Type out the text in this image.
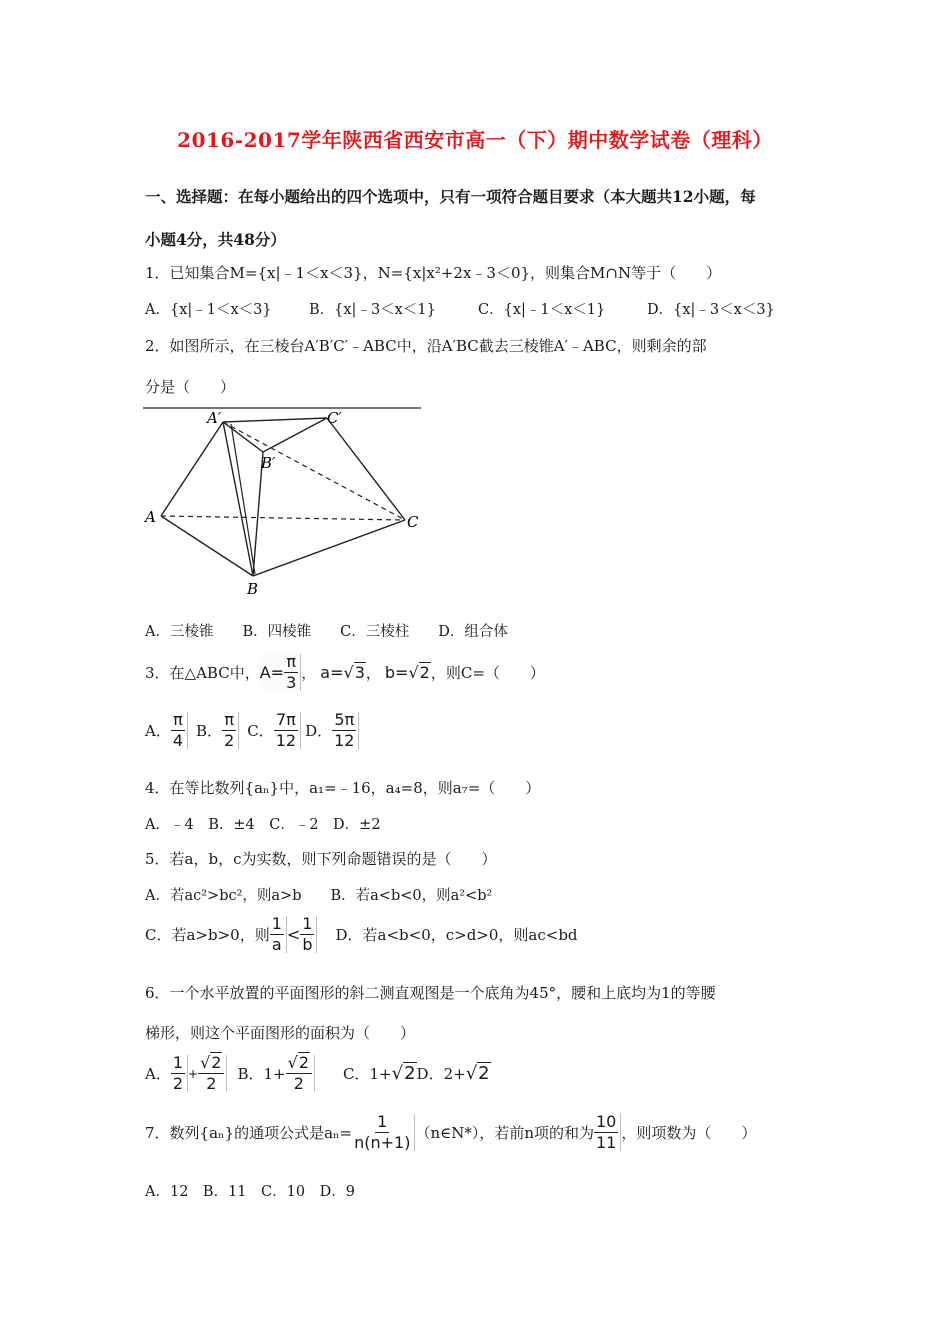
2016-2017学年陕西省西安市高一（下）期中数学试卷（理科）
一、选择题：在每小题给出的四个选项中，只有一项符合题目要求（本大题共12小题，每
小题4分，共48分）
1．已知集合M={x|﹣1＜x＜3}，N={x|x²+2x﹣3＜0}，则集合M∩N等于（　　）
A．{x|﹣1＜x＜3}	B．{x|﹣3＜x＜1}	C．{x|﹣1＜x＜1}	D．{x|﹣3＜x＜3}
2．如图所示，在三棱台A′B′C′﹣ABC中，沿A′BC截去三棱锥A′﹣ABC，则剩余的部
分是（　　）
A′	C′
B′
A	C
B
A．三棱锥　　B．四棱锥　　C．三棱柱　　D．组合体
3．在△ABC中， $A= \frac{\pi}{3}$ ， a=√3 ， b=√2 ，则C=（　　）
A． $\frac{\pi}{4}$ B． $\frac{\pi}{2}$ C． $\frac{7\pi}{12}$ D． $\frac{5\pi}{12}$
4．在等比数列{aₙ}中，a₁=﹣16，a₄=8，则a₇=（　　）
A．﹣4　B．±4　C．﹣2　D．±2
5．若a，b，c为实数，则下列命题错误的是（　　）
A．若ac²>bc²，则a>b　　B．若a<b<0，则a²<b²
C．若a>b>0，则 $\frac{1}{a} < \frac{1}{b}$ D．若a<b<0，c>d>0，则ac<bd
6．一个水平放置的平面图形的斜二测直观图是一个底角为45°，腰和上底均为1的等腰
梯形，则这个平面图形的面积为（　　）
A． $\frac{1}{2} + \frac{√2}{2}$ B．$1+ \frac{√2}{2}$ C．1+ √2 D．2+ √2
7．数列{aₙ}的通项公式是$a_n= \frac{1}{n(n+1)}$ （n∈N*），若前n项的和为 $\frac{10}{11}$ ，则项数为（　　）
A．12　B．11　C．10　D．9
